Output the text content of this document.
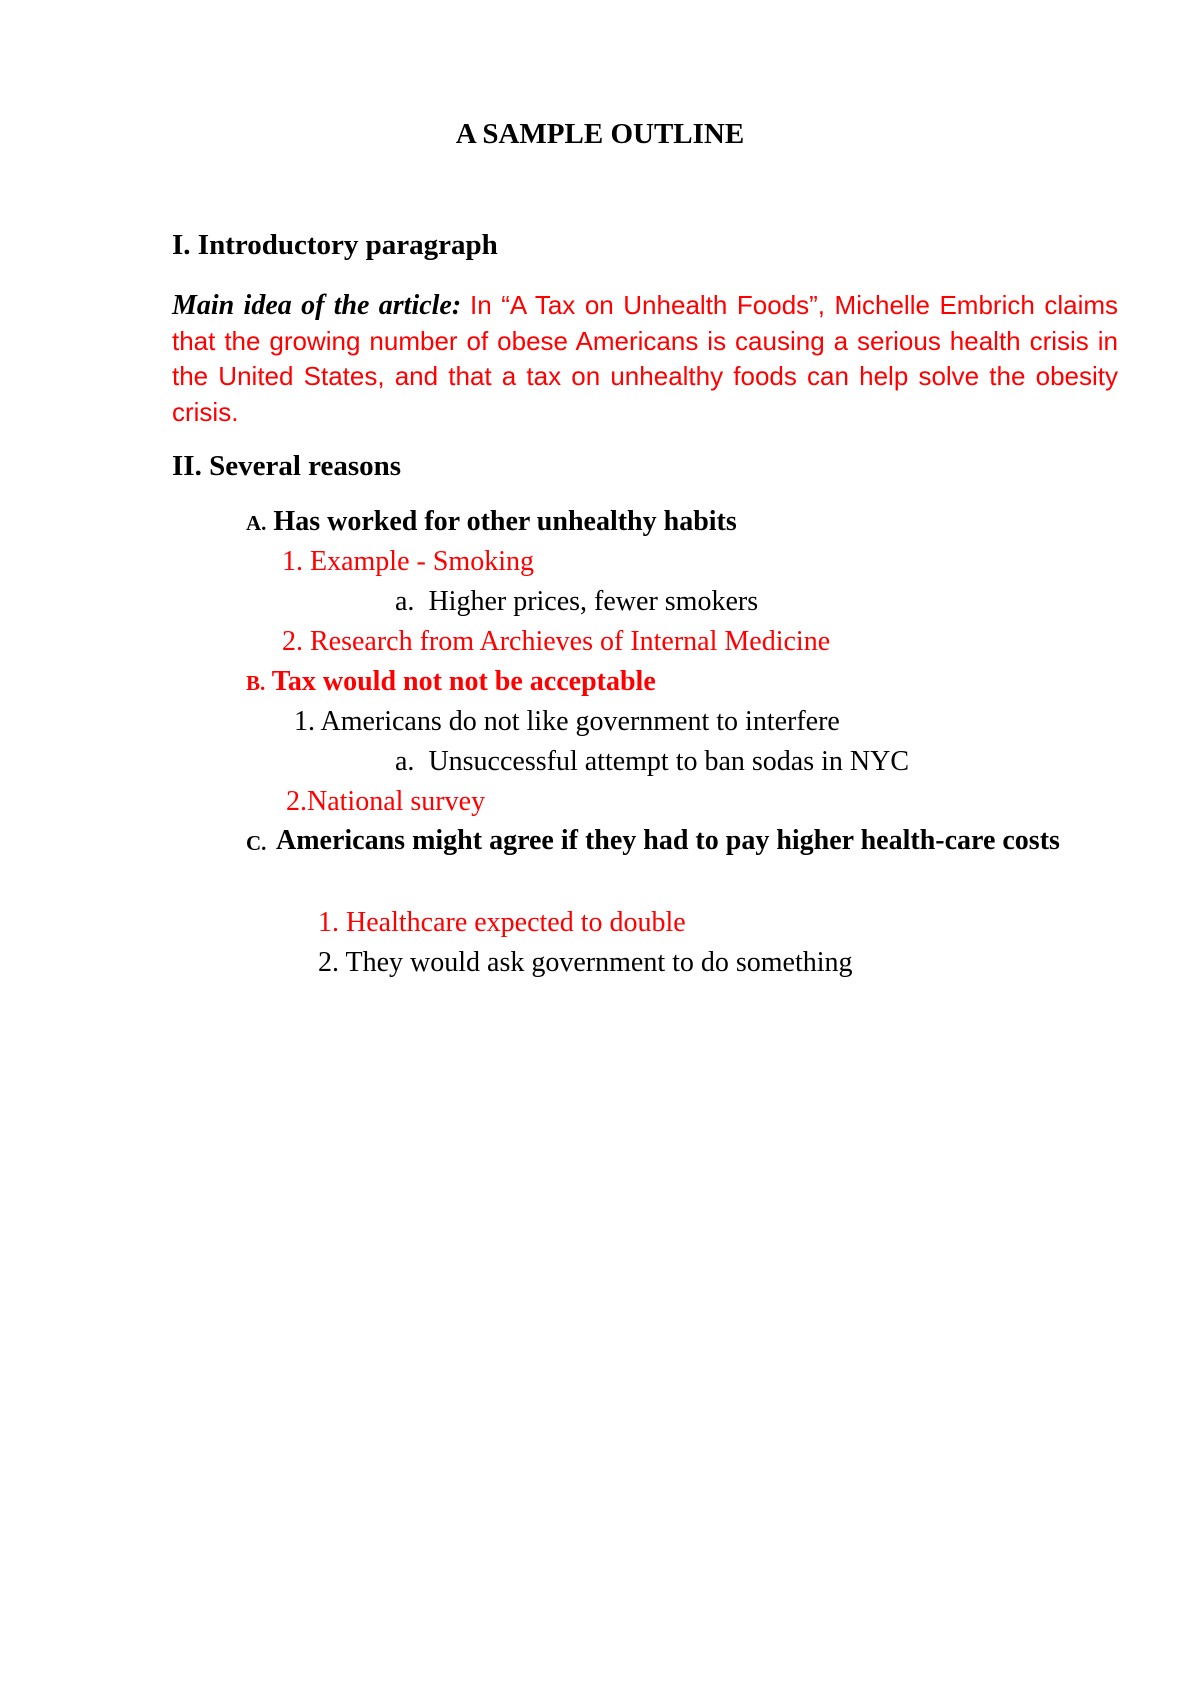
A SAMPLE OUTLINE
I. Introductory paragraph
Main idea of the article: In “A Tax on Unhealth Foods”, Michelle Embrich claims that the growing number of obese Americans is causing a serious health crisis in the United States, and that a tax on unhealthy foods can help solve the obesity crisis.
II. Several reasons
A. Has worked for other unhealthy habits
1. Example - Smoking
a. Higher prices, fewer smokers
2. Research from Archieves of Internal Medicine
B. Tax would not not be acceptable
1. Americans do not like government to interfere
a. Unsuccessful attempt to ban sodas in NYC
2.National survey
C. Americans might agree if they had to pay higher health-care costs
1. Healthcare expected to double
2. They would ask government to do something
